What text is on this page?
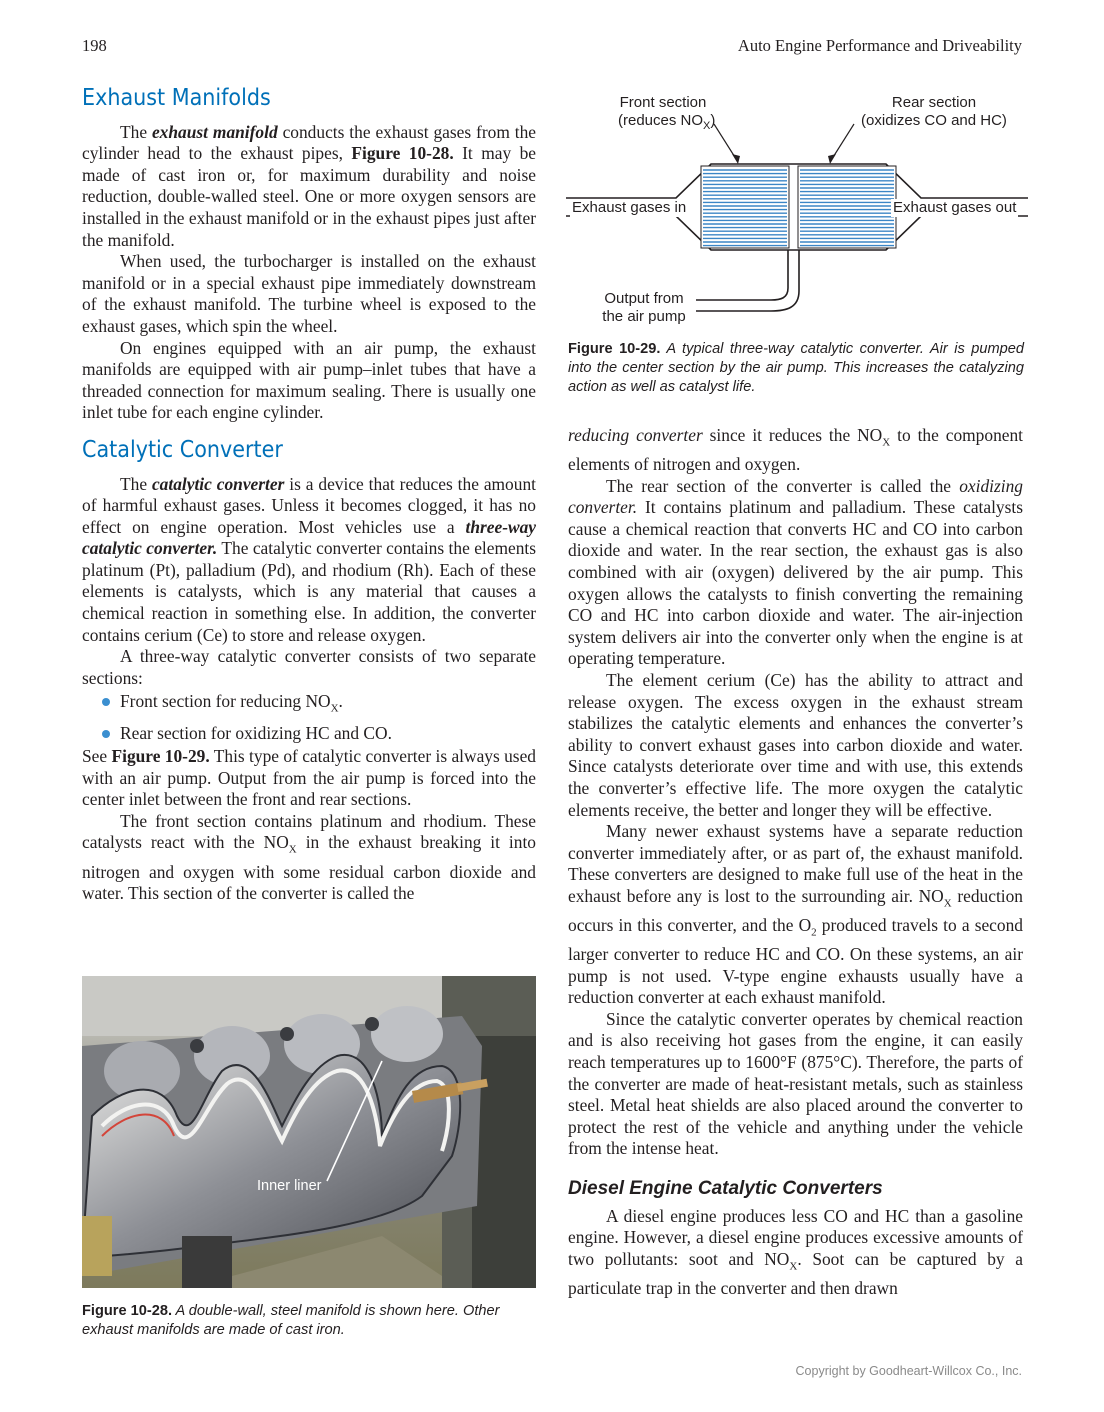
198	Auto Engine Performance and Driveability
Exhaust Manifolds

The exhaust manifold conducts the exhaust gases from the cylinder head to the exhaust pipes, Figure 10-28. It may be made of cast iron or, for maximum durability and noise reduction, double-walled steel. One or more oxygen sensors are installed in the exhaust manifold or in the exhaust pipes just after the manifold.

When used, the turbocharger is installed on the exhaust manifold or in a special exhaust pipe immediately downstream of the exhaust manifold. The turbine wheel is exposed to the exhaust gases, which spin the wheel.

On engines equipped with an air pump, the exhaust manifolds are equipped with air pump–inlet tubes that have a threaded connection for maximum sealing. There is usually one inlet tube for each engine cylinder.

Catalytic Converter

The catalytic converter is a device that reduces the amount of harmful exhaust gases. Unless it becomes clogged, it has no effect on engine operation. Most vehicles use a three-way catalytic converter. The catalytic converter contains the elements platinum (Pt), palladium (Pd), and rhodium (Rh). Each of these elements is catalysts, which is any material that causes a chemical reaction in something else. In addition, the converter contains cerium (Ce) to store and release oxygen.

A three-way catalytic converter consists of two separate sections:

Front section for reducing $NO_X$.
Rear section for oxidizing HC and CO.

See Figure 10-29. This type of catalytic converter is always used with an air pump. Output from the air pump is forced into the center inlet between the front and rear sections.

The front section contains platinum and rhodium. These catalysts react with the $NO_X$ in the exhaust breaking it into nitrogen and oxygen with some residual carbon dioxide and water. This section of the converter is called the

Inner liner
Figure 10-28. A double-wall, steel manifold is shown here. Other exhaust manifolds are made of cast iron.
Front section
(reduces $NO_X$)
Rear section
(oxidizes CO and HC)
Exhaust gases in	Exhaust gases out
Output from
the air pump
Figure 10-29. A typical three-way catalytic converter. Air is pumped into the center section by the air pump. This increases the catalyzing action as well as catalyst life.

reducing converter since it reduces the $NO_X$ to the component elements of nitrogen and oxygen.

The rear section of the converter is called the oxidizing converter. It contains platinum and palladium. These catalysts cause a chemical reaction that converts HC and CO into carbon dioxide and water. In the rear section, the exhaust gas is also combined with air (oxygen) delivered by the air pump. This oxygen allows the catalysts to finish converting the remaining CO and HC into carbon dioxide and water. The air-injection system delivers air into the converter only when the engine is at operating temperature.

The element cerium (Ce) has the ability to attract and release oxygen. The excess oxygen in the exhaust stream stabilizes the catalytic elements and enhances the converter’s ability to convert exhaust gases into carbon dioxide and water. Since catalysts deteriorate over time and with use, this extends the converter’s effective life. The more oxygen the catalytic elements receive, the better and longer they will be effective.

Many newer exhaust systems have a separate reduction converter immediately after, or as part of, the exhaust manifold. These converters are designed to make full use of the heat in the exhaust before any is lost to the surrounding air. $NO_X$ reduction occurs in this converter, and the $O_2$ produced travels to a second larger converter to reduce HC and CO. On these systems, an air pump is not used. V-type engine exhausts usually have a reduction converter at each exhaust manifold.

Since the catalytic converter operates by chemical reaction and is also receiving hot gases from the engine, it can easily reach temperatures up to 1600°F (875°C). Therefore, the parts of the converter are made of heat-resistant metals, such as stainless steel. Metal heat shields are also placed around the converter to protect the rest of the vehicle and anything under the vehicle from the intense heat.

Diesel Engine Catalytic Converters

A diesel engine produces less CO and HC than a gasoline engine. However, a diesel engine produces excessive amounts of two pollutants: soot and $NO_X$. Soot can be captured by a particulate trap in the converter and then drawn

Copyright by Goodheart-Willcox Co., Inc.
